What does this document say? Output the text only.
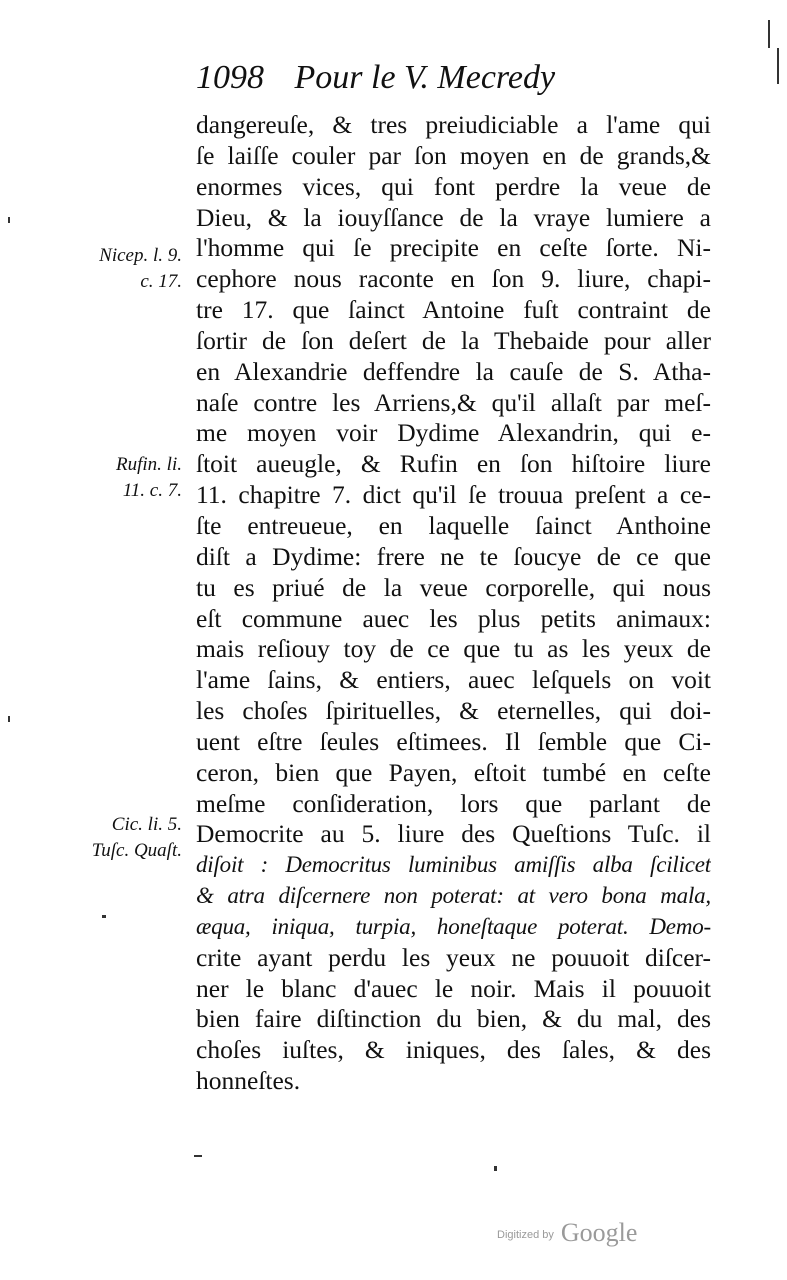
1098 Pour le V. Mecredy
dangereuſe, & tres preiudiciable a l'ame qui
ſe laiſſe couler par ſon moyen en de grands,&
enormes vices, qui font perdre la veue de
Dieu, & la iouyſſance de la vraye lumiere a
l'homme qui ſe precipite en ceſte ſorte. Ni-
cephore nous raconte en ſon 9. liure, chapi-
tre 17. que ſainct Antoine fuſt contraint de
ſortir de ſon deſert de la Thebaide pour aller
en Alexandrie deffendre la cauſe de S. Atha-
naſe contre les Arriens,& qu'il allaſt par meſ-
me moyen voir Dydime Alexandrin, qui e-
ſtoit aueugle, & Rufin en ſon hiſtoire liure
11. chapitre 7. dict qu'il ſe trouua preſent a ce-
ſte entreueue, en laquelle ſainct Anthoine
diſt a Dydime: frere ne te ſoucye de ce que
tu es priué de la veue corporelle, qui nous
eſt commune auec les plus petits animaux:
mais reſiouy toy de ce que tu as les yeux de
l'ame ſains, & entiers, auec leſquels on voit
les choſes ſpirituelles, & eternelles, qui doi-
uent eſtre ſeules eſtimees. Il ſemble que Ci-
ceron, bien que Payen, eſtoit tumbé en ceſte
meſme conſideration, lors que parlant de
Democrite au 5. liure des Queſtions Tuſc. il
diſoit : Democritus luminibus amiſſis alba ſcilicet
& atra diſcernere non poterat: at vero bona mala,
æqua, iniqua, turpia, honeſtaque poterat. Demo-
crite ayant perdu les yeux ne pouuoit diſcer-
ner le blanc d'auec le noir. Mais il pouuoit
bien faire diſtinction du bien, & du mal, des
choſes iuſtes, & iniques, des ſales, & des
honneſtes.
Nicep. l. 9.
c. 17.
Rufin. li.
11. c. 7.
Cic. li. 5.
Tuſc. Quaſt.
Digitized by Google
